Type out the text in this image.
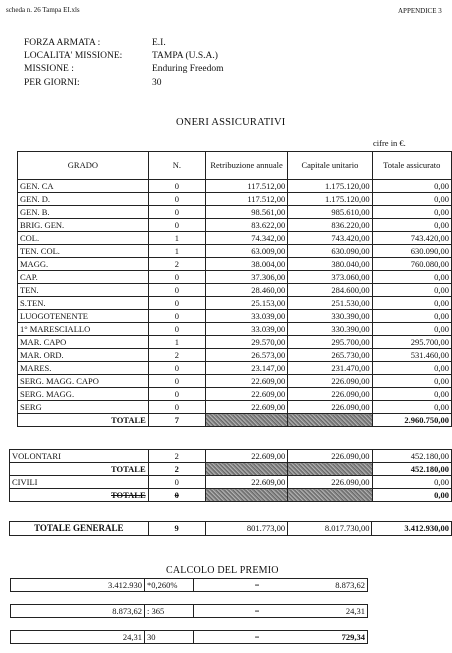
scheda n. 26 Tampa EI.xls	APPENDICE 3
FORZA ARMATA :	E.I.
LOCALITA' MISSIONE:	TAMPA (U.S.A.)
MISSIONE :	Enduring Freedom
PER GIORNI:	30
ONERI ASSICURATIVI
cifre in €.
GRADO	N.	Retribuzione annuale	Capitale unitario	Totale assicurato
GEN. CA	0	117.512,00	1.175.120,00	0,00
GEN. D.	0	117.512,00	1.175.120,00	0,00
GEN. B.	0	98.561,00	985.610,00	0,00
BRIG. GEN.	0	83.622,00	836.220,00	0,00
COL.	1	74.342,00	743.420,00	743.420,00
TEN. COL.	1	63.009,00	630.090,00	630.090,00
MAGG.	2	38.004,00	380.040,00	760.080,00
CAP.	0	37.306,00	373.060,00	0,00
TEN.	0	28.460,00	284.600,00	0,00
S.TEN.	0	25.153,00	251.530,00	0,00
LUOGOTENENTE	0	33.039,00	330.390,00	0,00
1° MARESCIALLO	0	33.039,00	330.390,00	0,00
MAR. CAPO	1	29.570,00	295.700,00	295.700,00
MAR. ORD.	2	26.573,00	265.730,00	531.460,00
MARES.	0	23.147,00	231.470,00	0,00
SERG. MAGG. CAPO	0	22.609,00	226.090,00	0,00
SERG. MAGG.	0	22.609,00	226.090,00	0,00
SERG	0	22.609,00	226.090,00	0,00
TOTALE	7			2.960.750,00
VOLONTARI	2	22.609,00	226.090,00	452.180,00
TOTALE	2			452.180,00
CIVILI	0	22.609,00	226.090,00	0,00
TOTALE	0			0,00
TOTALE GENERALE	9	801.773,00	8.017.730,00	3.412.930,00
CALCOLO DEL PREMIO
3.412.930	*0,260%	=	8.873,62
8.873,62	: 365	=	24,31
24,31	30	=	729,34
